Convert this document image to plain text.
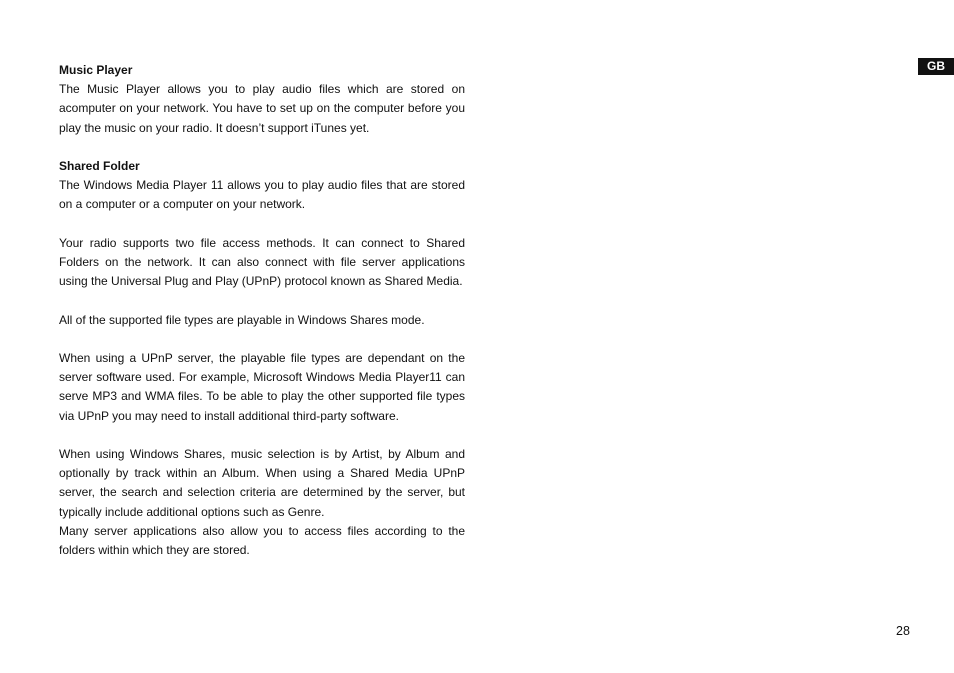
GB
Music Player

The Music Player allows you to play audio files which are stored on acomputer on your network. You have to set up on the computer before you play the music on your radio. It doesn’t support iTunes yet.

Shared Folder

The Windows Media Player 11 allows you to play audio files that are stored on a computer or a computer on your network.

Your radio supports two file access methods. It can connect to Shared Folders on the network. It can also connect with file server applications using the Universal Plug and Play (UPnP) protocol known as Shared Media.

All of the supported file types are playable in Windows Shares mode.

When using a UPnP server, the playable file types are dependant on the server software used. For example, Microsoft Windows Media Player11 can serve MP3 and WMA files. To be able to play the other supported file types via UPnP you may need to install additional third-party software.

When using Windows Shares, music selection is by Artist, by Album and optionally by track within an Album. When using a Shared Media UPnP server, the search and selection criteria are determined by the server, but typically include additional options such as Genre.

Many server applications also allow you to access files according to the folders within which they are stored.

28
